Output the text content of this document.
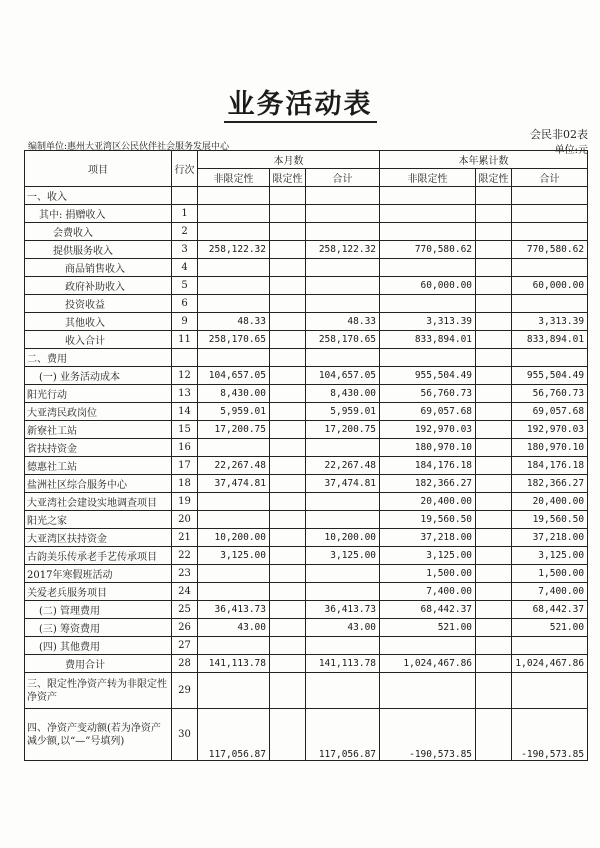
业务活动表
会民非02表
编制单位:惠州大亚湾区公民伙伴社会服务发展中心	单位:元
项目	行次	本月数			本年累计数		
		非限定性	限定性	合计	非限定性	限定性	合计
一、收入							
其中: 捐赠收入	1						
会费收入	2						
提供服务收入	3	258,122.32		258,122.32	770,580.62		770,580.62
商品销售收入	4						
政府补助收入	5				60,000.00		60,000.00
投资收益	6						
其他收入	9	48.33		48.33	3,313.39		3,313.39
收入合计	11	258,170.65		258,170.65	833,894.01		833,894.01
二、费用							
(一) 业务活动成本	12	104,657.05		104,657.05	955,504.49		955,504.49
阳光行动	13	8,430.00		8,430.00	56,760.73		56,760.73
大亚湾民政岗位	14	5,959.01		5,959.01	69,057.68		69,057.68
新寮社工站	15	17,200.75		17,200.75	192,970.03		192,970.03
省扶持资金	16				180,970.10		180,970.10
德惠社工站	17	22,267.48		22,267.48	184,176.18		184,176.18
盐洲社区综合服务中心	18	37,474.81		37,474.81	182,366.27		182,366.27
大亚湾社会建设实地调查项目	19				20,400.00		20,400.00
阳光之家	20				19,560.50		19,560.50
大亚湾区扶持资金	21	10,200.00		10,200.00	37,218.00		37,218.00
古韵美乐传承老手艺传承项目	22	3,125.00		3,125.00	3,125.00		3,125.00
2017年寒假班活动	23				1,500.00		1,500.00
关爱老兵服务项目	24				7,400.00		7,400.00
(二) 管理费用	25	36,413.73		36,413.73	68,442.37		68,442.37
(三) 筹资费用	26	43.00		43.00	521.00		521.00
(四) 其他费用	27						
费用合计	28	141,113.78		141,113.78	1,024,467.86		1,024,467.86
三、限定性净资产转为非限定性净资产	29						
四、净资产变动额(若为净资产减少额,以“—”号填列)	30	117,056.87		117,056.87	-190,573.85		-190,573.85
